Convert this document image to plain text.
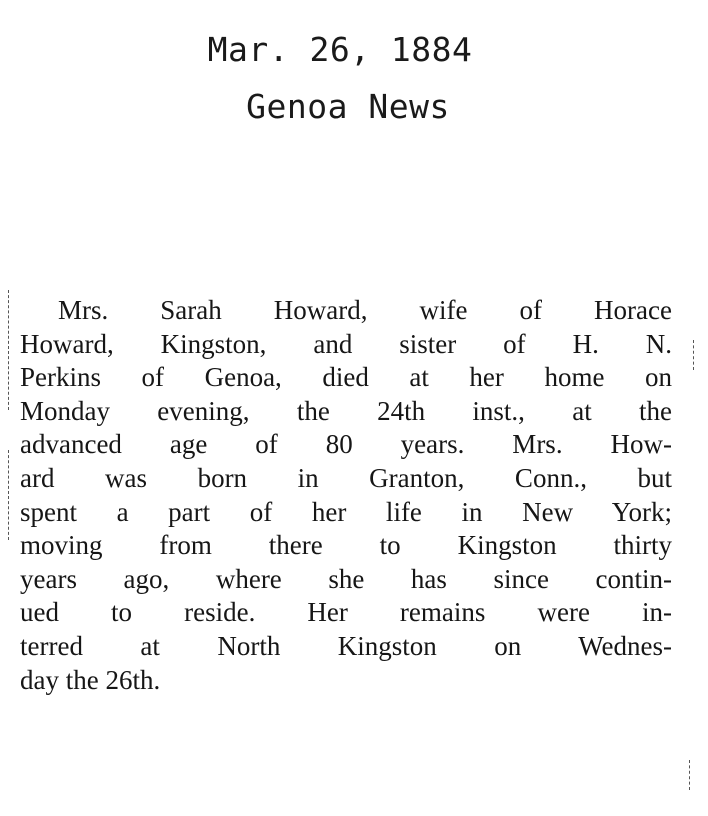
Mar. 26, 1884
Genoa News

Mrs. Sarah Howard, wife of Horace
Howard, Kingston, and sister of H. N.
Perkins of Genoa, died at her home on
Monday evening, the 24th inst., at the
advanced age of 80 years. Mrs. How-
ard was born in Granton, Conn., but
spent a part of her life in New York;
moving from there to Kingston thirty
years ago, where she has since contin-
ued to reside. Her remains were in-
terred at North Kingston on Wednes-
day the 26th.
